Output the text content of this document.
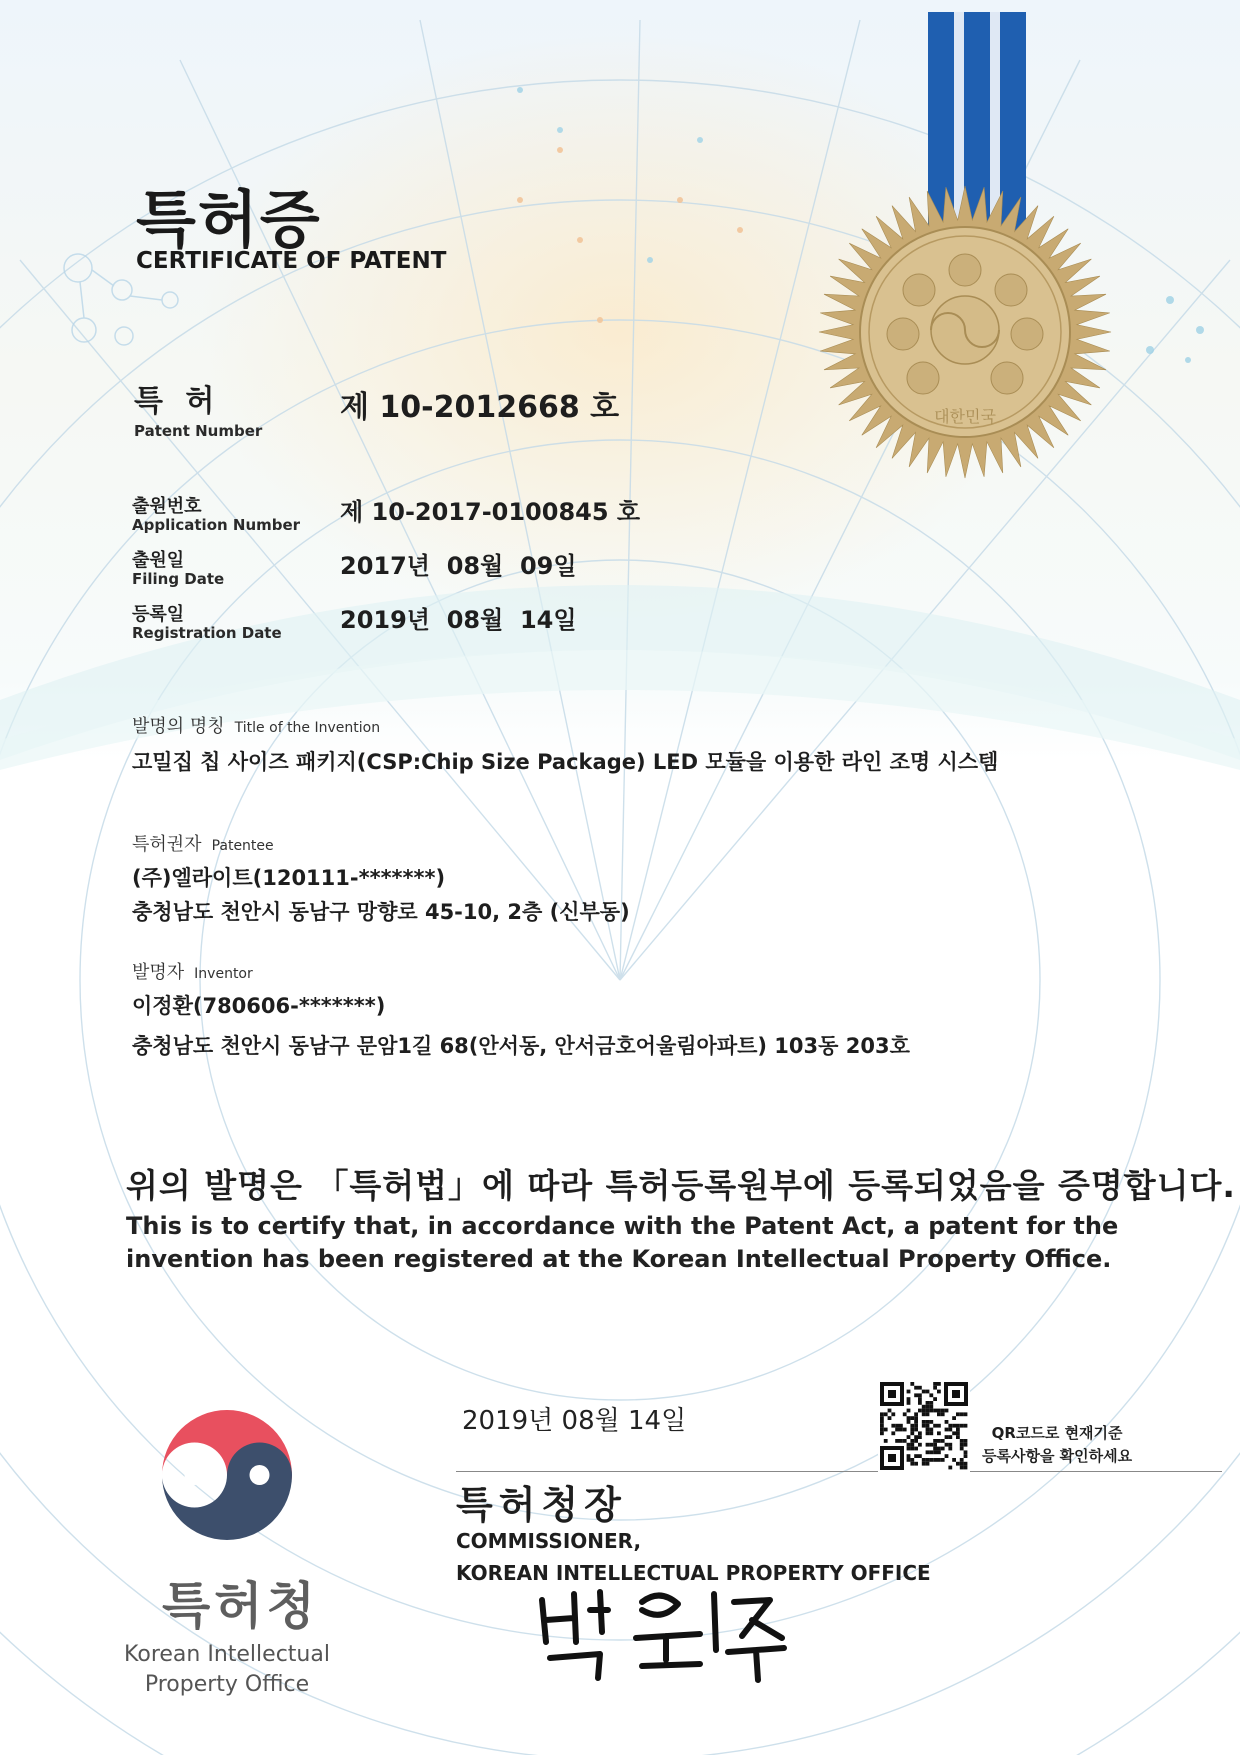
대한민국
특허증
CERTIFICATE OF PATENT
특 허
Patent Number
제 10-2012668 호
출원번호
Application Number 제 10-2017-0100845 호
출원일
Filing Date	2017년  08월  09일
등록일
Registration Date 2019년  08월  14일
발명의 명칭 Title of the Invention
고밀집 칩 사이즈 패키지(CSP:Chip Size Package) LED 모듈을 이용한 라인 조명 시스템
특허권자 Patentee
(주)엘라이트(120111-*******)
충청남도 천안시 동남구 망향로 45-10, 2층 (신부동)
발명자 Inventor
이정환(780606-*******)
충청남도 천안시 동남구 문암1길 68(안서동, 안서금호어울림아파트) 103동 203호
위의 발명은 「특허법」에 따라 특허등록원부에 등록되었음을 증명합니다.
This is to certify that, in accordance with the Patent Act, a patent for the invention has been registered at the Korean Intellectual Property Office.
2019년 08월 14일
특허청장
COMMISSIONER,
KOREAN INTELLECTUAL PROPERTY OFFICE
QR코드로 현재기준
등록사항을 확인하세요
특허청
Korean Intellectual Property Office
